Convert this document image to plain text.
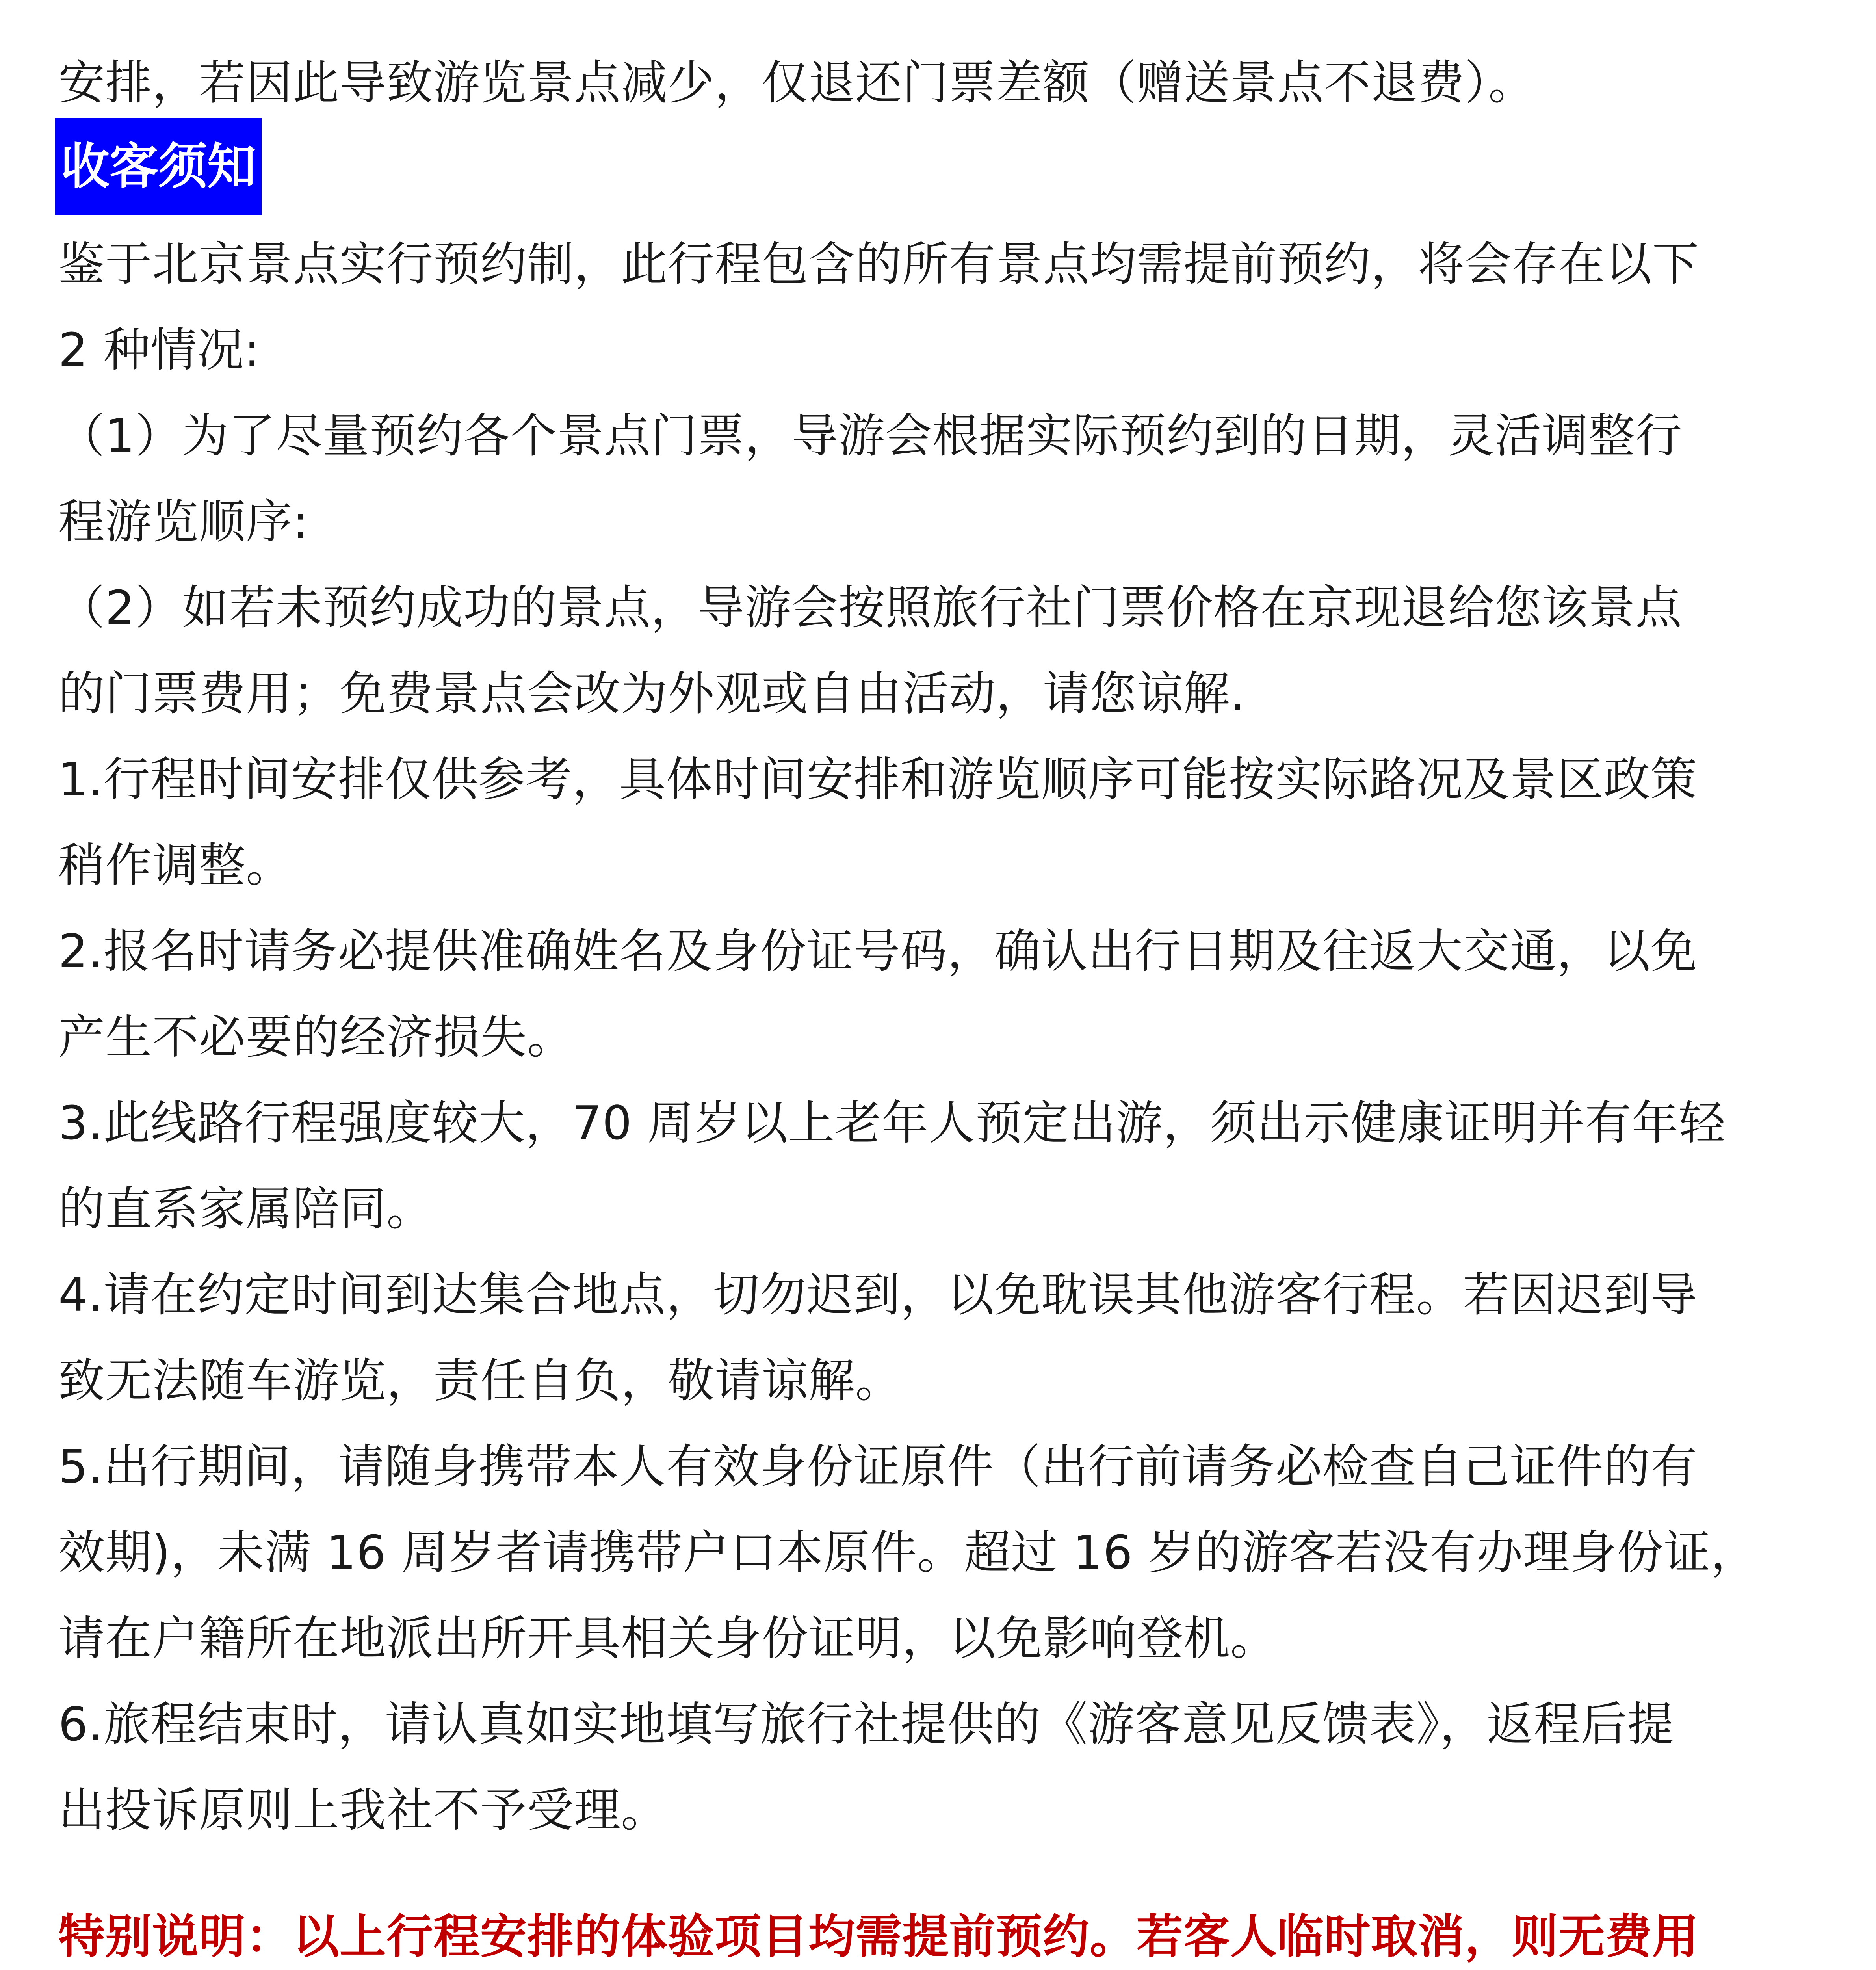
安排，若因此导致游览景点减少，仅退还门票差额（赠送景点不退费）。
收客须知
鉴于北京景点实行预约制，此行程包含的所有景点均需提前预约，将会存在以下
2 种情况:
（1）为了尽量预约各个景点门票，导游会根据实际预约到的日期，灵活调整行
程游览顺序:
（2）如若未预约成功的景点，导游会按照旅行社门票价格在京现退给您该景点
的门票费用；免费景点会改为外观或自由活动，请您谅解.
1.行程时间安排仅供参考，具体时间安排和游览顺序可能按实际路况及景区政策
稍作调整。
2.报名时请务必提供准确姓名及身份证号码，确认出行日期及往返大交通，以免
产生不必要的经济损失。
3.此线路行程强度较大，70 周岁以上老年人预定出游，须出示健康证明并有年轻
的直系家属陪同。
4.请在约定时间到达集合地点，切勿迟到，以免耽误其他游客行程。若因迟到导
致无法随车游览，责任自负，敬请谅解。
5.出行期间，请随身携带本人有效身份证原件（出行前请务必检查自己证件的有
效期)，未满 16 周岁者请携带户口本原件。超过 16 岁的游客若没有办理身份证，
请在户籍所在地派出所开具相关身份证明，以免影响登机。
6.旅程结束时，请认真如实地填写旅行社提供的《游客意见反馈表》，返程后提
出投诉原则上我社不予受理。
特别说明：以上行程安排的体验项目均需提前预约。若客人临时取消，则无费用
